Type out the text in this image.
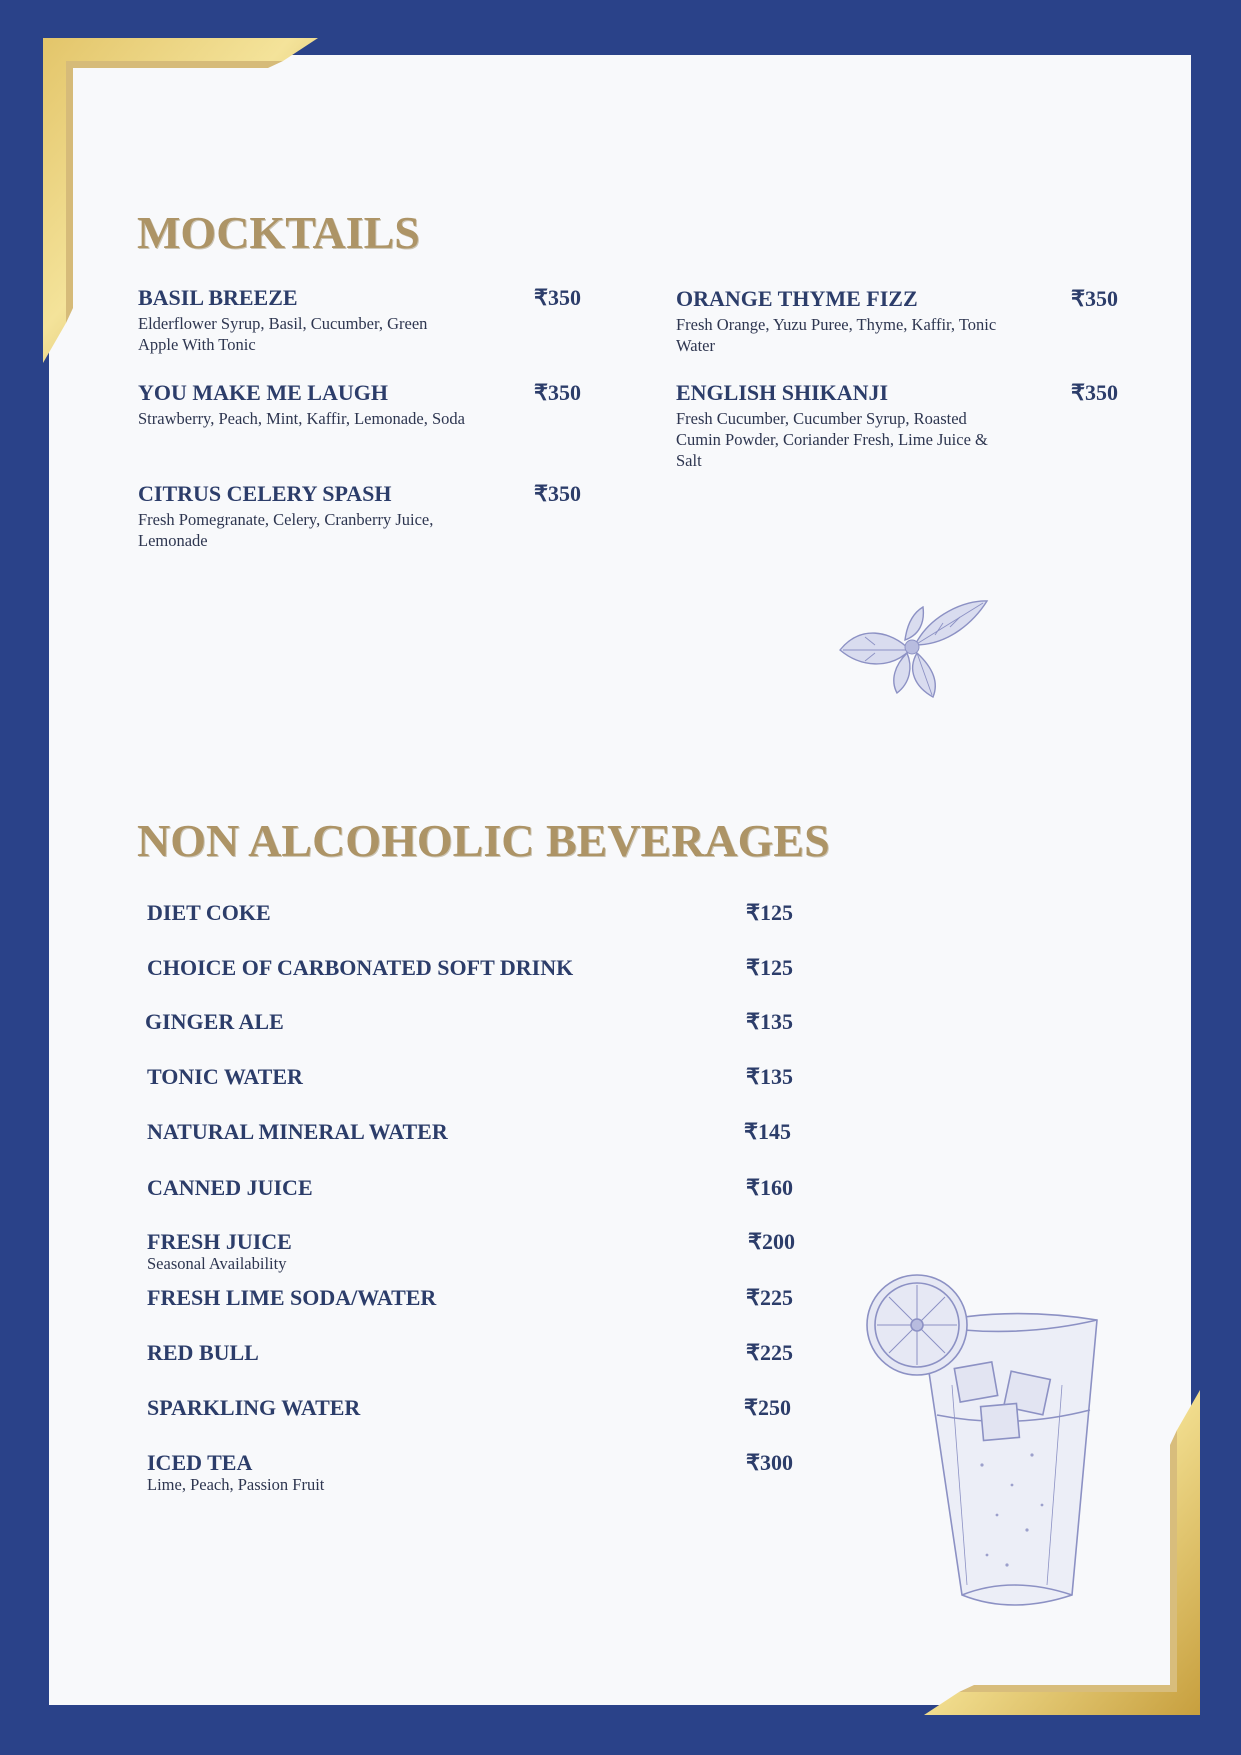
MOCKTAILS
BASIL BREEZE
Elderflower Syrup, Basil, Cucumber, Green Apple With Tonic
₹350
YOU MAKE ME LAUGH
Strawberry, Peach, Mint, Kaffir, Lemonade, Soda
₹350
CITRUS CELERY SPASH
Fresh Pomegranate, Celery, Cranberry Juice, Lemonade
₹350
ORANGE THYME FIZZ
Fresh Orange, Yuzu Puree, Thyme, Kaffir, Tonic Water
₹350
ENGLISH SHIKANJI
Fresh Cucumber, Cucumber Syrup, Roasted Cumin Powder, Coriander Fresh, Lime Juice & Salt
₹350
NON ALCOHOLIC BEVERAGES
DIET COKE	₹125
CHOICE OF CARBONATED SOFT DRINK	₹125
GINGER ALE	₹135
TONIC WATER	₹135
NATURAL MINERAL WATER	₹145
CANNED JUICE	₹160
FRESH JUICE
Seasonal Availability
₹200
FRESH LIME SODA/WATER	₹225
RED BULL	₹225
SPARKLING WATER	₹250
ICED TEA
Lime, Peach, Passion Fruit
₹300
